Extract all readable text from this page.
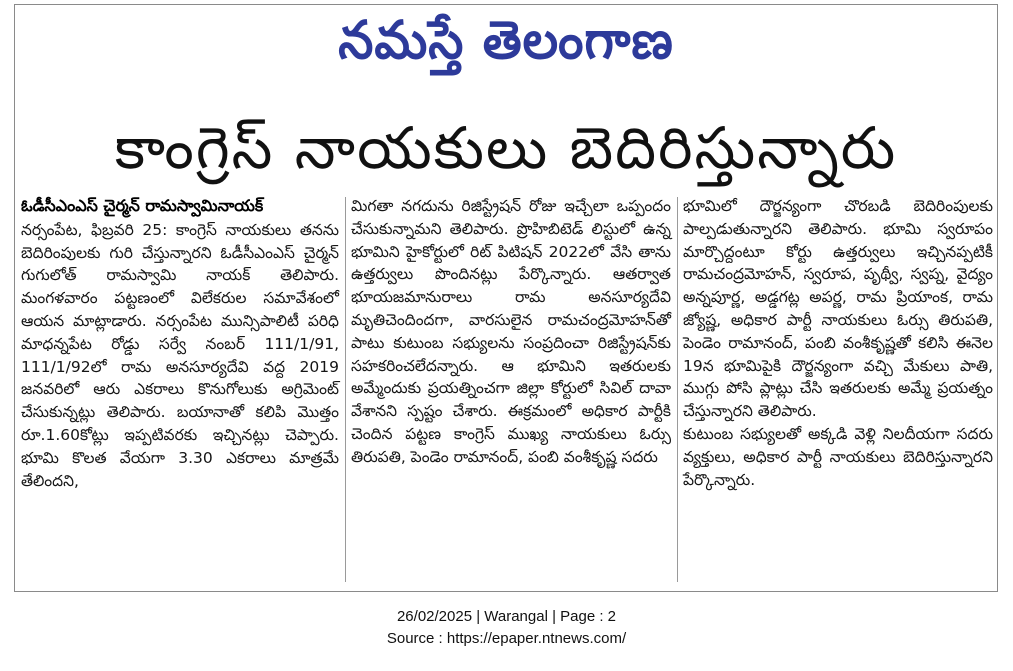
నమస్తే తెలంగాణ
కాంగ్రెస్ నాయకులు బెదిరిస్తున్నారు
ఓడీసీఎంఎస్ చైర్మన్ రామస్వామినాయక్
నర్సంపేట, ఫిబ్రవరి 25: కాంగ్రెస్ నాయకులు తనను బెదిరింపులకు గురి చేస్తున్నారని ఓడీసీఎంఎస్ చైర్మన్ గుగులోత్ రామస్వామి నాయక్ తెలిపారు. మంగళవారం పట్టణంలో విలేకరుల సమావేశంలో ఆయన మాట్లాడారు. నర్సంపేట మున్సిపాలిటీ పరిధి మాధన్నపేట రోడ్డు సర్వే నంబర్ 111/1/91, 111/1/92లో రామ అనసూర్యదేవి వద్ద 2019 జనవరిలో ఆరు ఎకరాలు కొనుగోలుకు అగ్రిమెంట్ చేసుకున్నట్లు తెలిపారు. బయానాతో కలిపి మొత్తం రూ.1.60కోట్లు ఇప్పటివరకు ఇచ్చినట్లు చెప్పారు. భూమి కొలత వేయగా 3.30 ఎకరాలు మాత్రమే తేలిందని,
మిగతా నగదును రిజిస్ట్రేషన్ రోజు ఇచ్చేలా ఒప్పందం చేసుకున్నామని తెలిపారు. ప్రొహిబిటెడ్ లిస్టులో ఉన్న భూమిని హైకోర్టులో రిట్ పిటిషన్ 2022లో వేసి తాను ఉత్తర్వులు పొందినట్లు పేర్కొన్నారు. ఆతర్వాత భూయజమానురాలు రామ అనసూర్యదేవి మృతిచెందిందగా, వారసులైన రామచంద్రమోహన్‌తో పాటు కుటుంబ సభ్యులను సంప్రదించా రిజిస్ట్రేషన్‌కు సహకరించలేదన్నారు. ఆ భూమిని ఇతరులకు అమ్మేందుకు ప్రయత్నించగా జిల్లా కోర్టులో సివిల్ దావా వేశానని స్పష్టం చేశారు. ఈక్రమంలో అధికార పార్టీకి చెందిన పట్టణ కాంగ్రెస్ ముఖ్య నాయకులు ఓర్సు తిరుపతి, పెండెం రామానంద్, పంబి వంశీకృష్ణ సదరు
భూమిలో దౌర్జన్యంగా చొరబడి బెదిరింపులకు పాల్పడుతున్నారని తెలిపారు. భూమి స్వరూపం మార్చొద్దంటూ కోర్టు ఉత్తర్వులు ఇచ్చినప్పటికీ రామచంద్రమోహన్, స్వరూప, పృథ్వీ, స్వప్న, వైద్యం అన్నపూర్ణ, అడ్డగట్ల అపర్ణ, రామ ప్రియాంక, రామ జ్యోష్ణ, అధికార పార్టీ నాయకులు ఓర్సు తిరుపతి, పెండెం రామానంద్, పంబి వంశీకృష్ణతో కలిసి ఈనెల 19న భూమిపైకి దౌర్జన్యంగా వచ్చి మేకులు పాతి, ముగ్గు పోసి ప్లాట్లు చేసి ఇతరులకు అమ్మే ప్రయత్నం చేస్తున్నారని తెలిపారు.
కుటుంబ సభ్యులతో అక్కడి వెళ్లి నిలదీయగా సదరు వ్యక్తులు, అధికార పార్టీ నాయకులు బెదిరిస్తున్నారని పేర్కొన్నారు.
26/02/2025 | Warangal | Page : 2
Source : https://epaper.ntnews.com/
